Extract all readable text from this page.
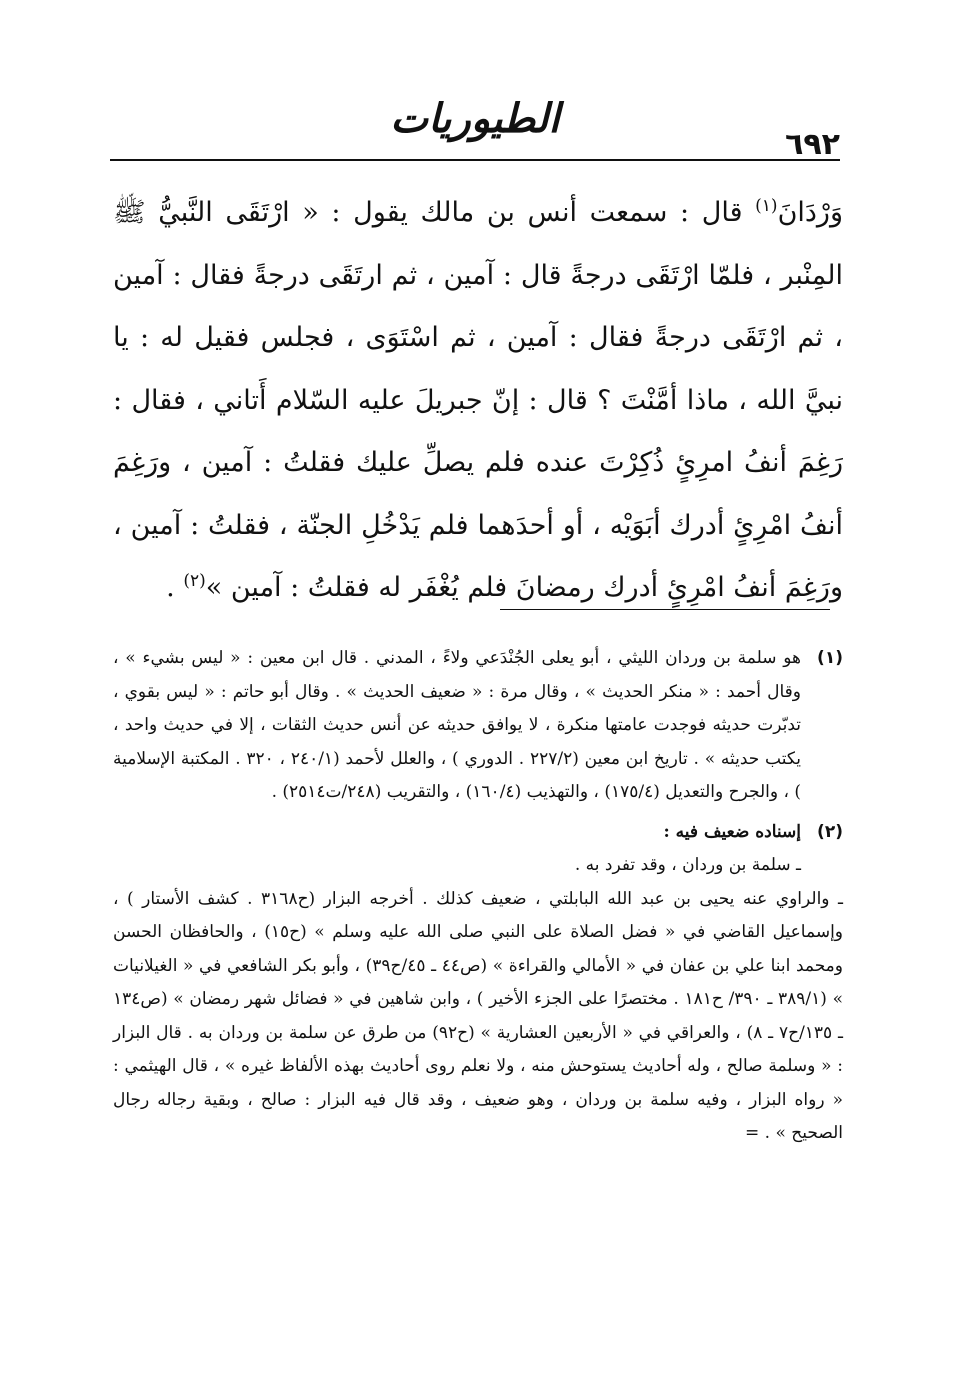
٦٩٢
الطيوريات

وَرْدَانَ$^{(١)}$ قال : سمعت أنس بن مالك يقول : « ارْتَقَى النَّبيُّ ﷺ المِنْبر ، فلمّا ارْتَقَى درجةً قال : آمين ، ثم ارتَقَى درجةً فقال : آمين ، ثم ارْتَقَى درجةً فقال : آمين ، ثم اسْتَوَى ، فجلس فقيل له : يا نبيَّ الله ، ماذا أمَّنْتَ ؟ قال : إنّ جبريلَ عليه السّلام أَتاني ، فقال : رَغِمَ أنفُ امرِئٍ ذُكِرْتَ عنده فلم يصلِّ عليك فقلتُ : آمين ، ورَغِمَ أنفُ امْرِئٍ أدرك أبَوَيْه ، أو أحدَهما فلم يَدْخُلِ الجنّة ، فقلتُ : آمين ، ورَغِمَ أنفُ امْرِئٍ أدرك رمضانَ فلم يُغْفَر له فقلتُ : آمين »$^{(٢)}$ .

(١)
هو سلمة بن وردان الليثي ، أبو يعلى الجُنْدَعي ولاءً ، المدني . قال ابن معين : « ليس بشيء » ، وقال أحمد : « منكر الحديث » ، وقال مرة : « ضعيف الحديث » . وقال أبو حاتم : « ليس بقوي ، تدبّرت حديثه فوجدت عامتها منكرة ، لا يوافق حديثه عن أنس حديث الثقات ، إلا في حديث واحد ، يكتب حديثه » . تاريخ ابن معين (٢٢٧/٢ . الدوري ) ، والعلل لأحمد (٢٤٠/١ ، ٣٢٠ . المكتبة الإسلامية ) ، والجرح والتعديل (١٧٥/٤) ، والتهذيب (١٦٠/٤) ، والتقريب (٢٤٨/ت٢٥١٤) .
(٢)

إسناده ضعيف فيه :

ـ سلمة بن وردان ، وقد تفرد به .

ـ والراوي عنه يحيى بن عبد الله البابلتي ، ضعيف كذلك . أخرجه البزار (ح٣١٦٨ . كشف الأستار ) ، وإسماعيل القاضي في « فضل الصلاة على النبي صلى الله عليه وسلم » (ح١٥) ، والحافظان الحسن ومحمد ابنا علي بن عفان في « الأمالي والقراءة » (ص٤٤ ـ ٤٥/ح٣٩) ، وأبو بكر الشافعي في « الغيلانيات » (٣٨٩/١ ـ ٣٩٠/ ح١٨١ . مختصرًا على الجزء الأخير ) ، وابن شاهين في « فضائل شهر رمضان » (ص١٣٤ ـ ١٣٥/ح٧ ـ ٨) ، والعراقي في « الأربعين العشارية » (ح٩٢) من طرق عن سلمة بن وردان به . قال البزار : « وسلمة صالح ، وله أحاديث يستوحش منه ، ولا نعلم روى أحاديث بهذه الألفاظ غيره » ، قال الهيثمي : « رواه البزار ، وفيه سلمة بن وردان ، وهو ضعيف ، وقد قال فيه البزار : صالح ، وبقية رجاله رجال الصحيح » . =
